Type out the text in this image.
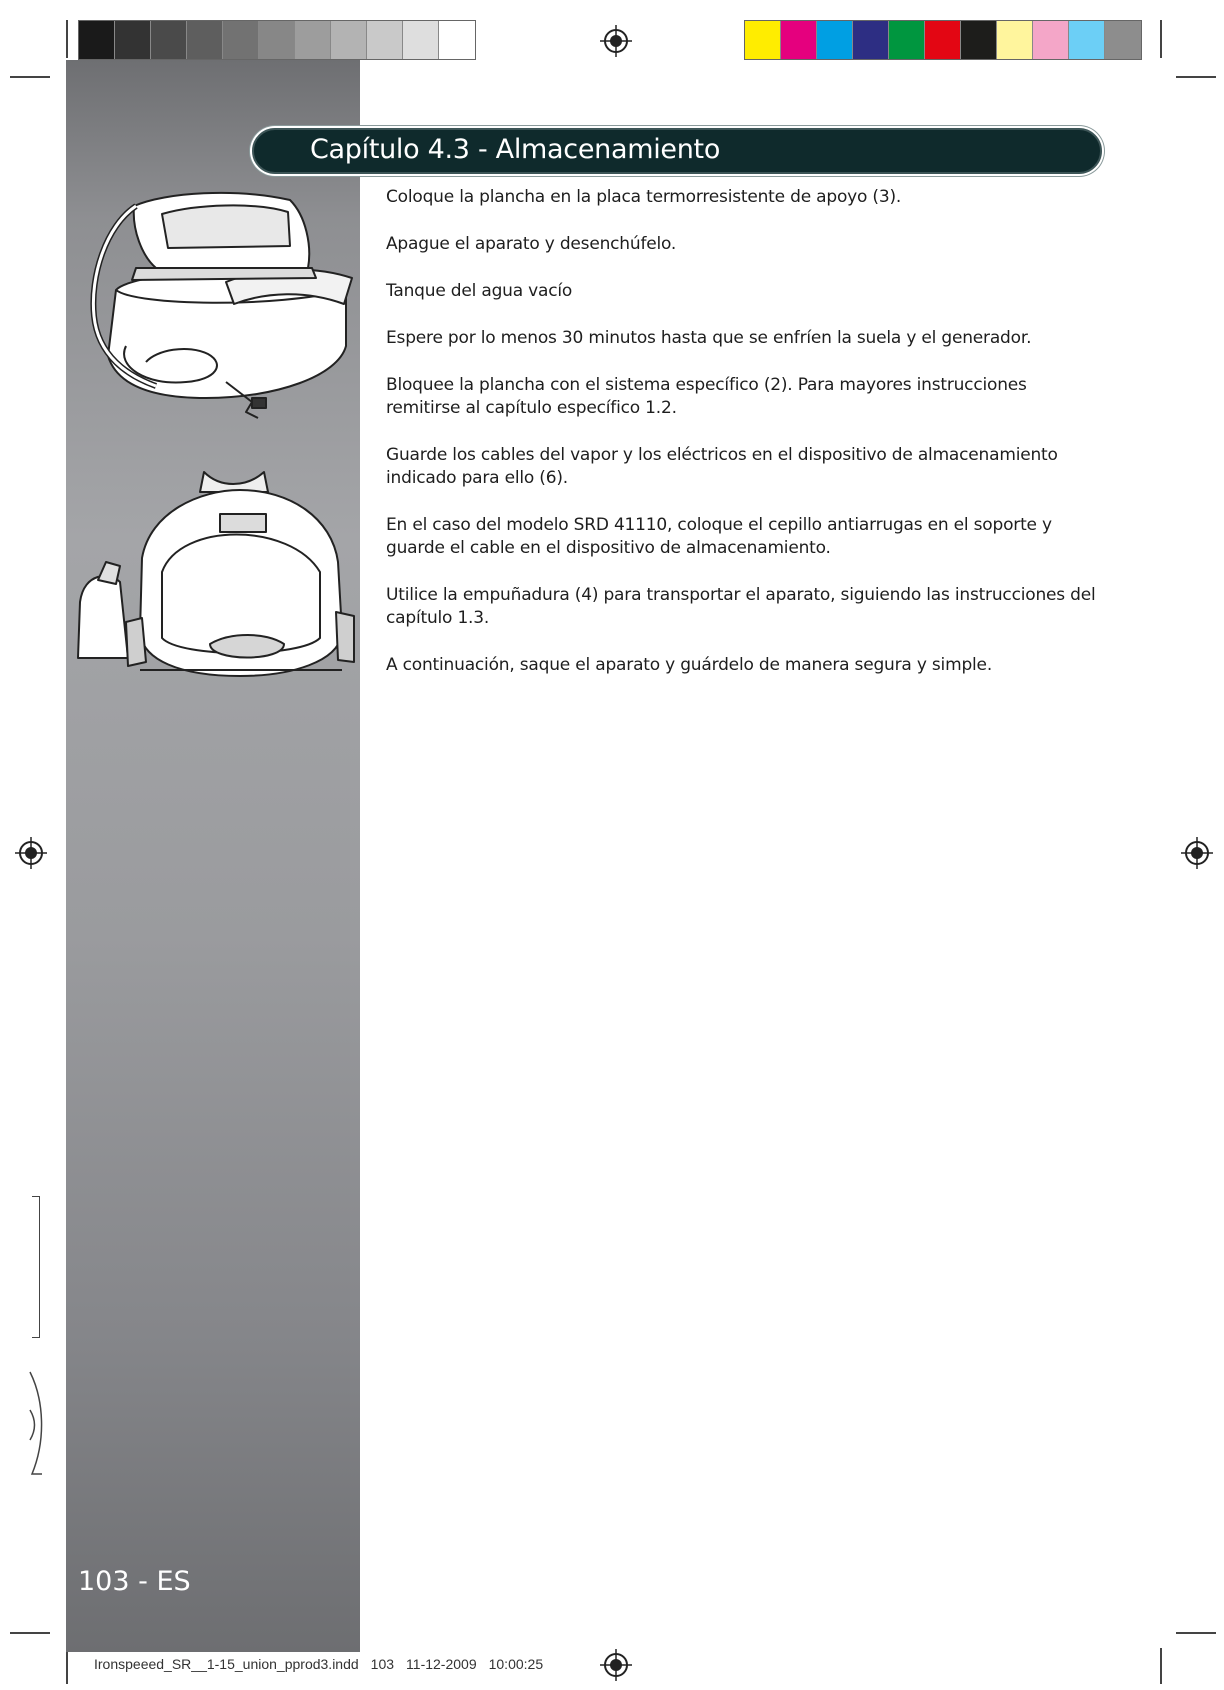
Capítulo 4.3 - Almacenamiento

Coloque la plancha en la placa termorresistente de apoyo (3).

Apague el aparato y desenchúfelo.

Tanque del agua vacío

Espere por lo menos 30 minutos hasta que se enfríen la suela y el generador.

Bloquee la plancha con el sistema específico (2). Para mayores instrucciones remitirse al capítulo específico 1.2.

Guarde los cables del vapor y los eléctricos en el dispositivo de almacenamiento indicado para ello (6).

En el caso del modelo SRD 41110, coloque el cepillo antiarrugas en el soporte y guarde el cable en el dispositivo de almacenamiento.

Utilice la empuñadura (4) para transportar el aparato, siguiendo las instrucciones del capítulo 1.3.

A continuación, saque el aparato y guárdelo de manera segura y simple.

103 - ES
Ironspeeed_SR__1-15_union_pprod3.indd 103 11-12-2009 10:00:25
